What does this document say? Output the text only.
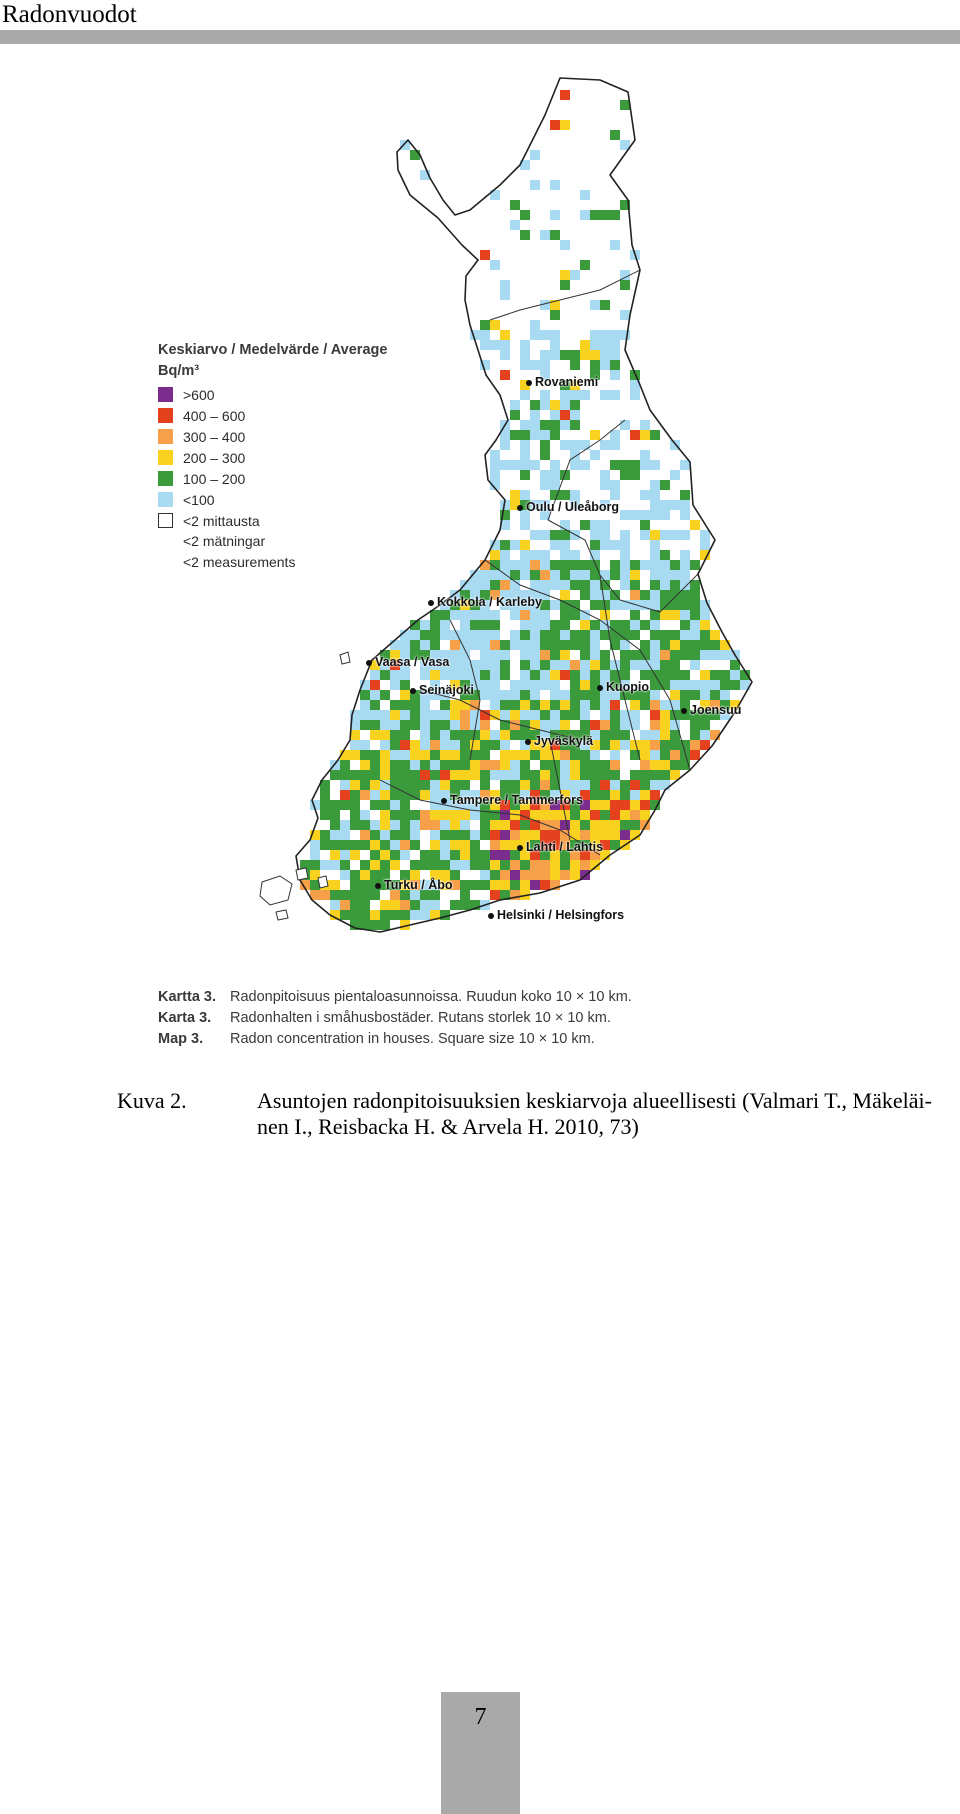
Radonvuodot
Keskiarvo / Medelvärde / Average
Bq/m³
>600
400 – 600
300 – 400
200 – 300
100 – 200
<100
<2 mittausta
<2 mätningar
<2 measurements
Rovaniemi
Oulu / Uleåborg
Kokkola / Karleby
Vaasa / Vasa
Seinäjoki	Kuopio
Joensuu
Jyväskylä
Tampere / Tammerfors
Lahti / Lahtis
Turku / Åbo
Helsinki / Helsingfors
Kartta 3. Radonpitoisuus pientaloasunnoissa. Ruudun koko 10 × 10 km.
Karta 3. Radonhalten i småhusbostäder. Rutans storlek 10 × 10 km.
Map 3. Radon concentration in houses. Square size 10 × 10 km.
Kuva 2.	Asuntojen radonpitoisuuksien keskiarvoja alueellisesti (Valmari T., Mäkeläi-nen I., Reisbacka H. & Arvela H. 2010, 73)
7
